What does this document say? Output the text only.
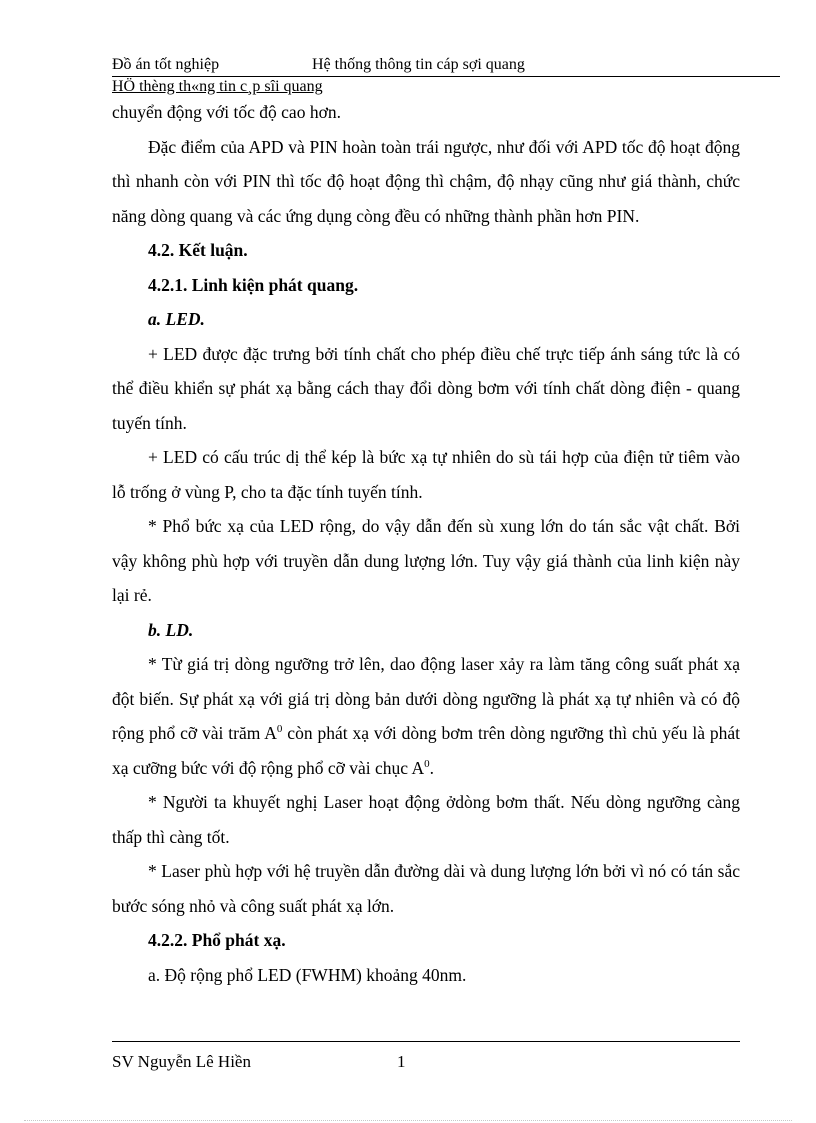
Đồ án tốt nghiệp	Hệ thống thông tin cáp sợi quang
HÖ thèng th«ng tin c¸p sîi quang

chuyển động với tốc độ cao hơn.

Đặc điểm của APD và PIN hoàn toàn trái ngược, như đối với APD tốc độ hoạt động thì nhanh còn với PIN thì tốc độ hoạt động thì chậm, độ nhạy cũng như giá thành, chức năng dòng quang và các ứng dụng còng đều có những thành phần hơn PIN.

4.2. Kết luận.

4.2.1. Linh kiện phát quang.

a. LED.

+ LED được đặc trưng bởi tính chất cho phép điều chế trực tiếp ánh sáng tức là có thể điều khiển sự phát xạ bằng cách thay đổi dòng bơm với tính chất dòng điện - quang tuyến tính.

+ LED có cấu trúc dị thể kép là bức xạ tự nhiên do sù tái hợp của điện tử tiêm vào lỗ trống ở vùng P, cho ta đặc tính tuyến tính.

* Phổ bức xạ của LED rộng, do vậy dẫn đến sù xung lớn do tán sắc vật chất. Bởi vậy không phù hợp với truyền dẫn dung lượng lớn. Tuy vậy giá thành của linh kiện này lại rẻ.

b. LD.

* Từ giá trị dòng ngưỡng trở lên, dao động laser xảy ra làm tăng công suất phát xạ đột biến. Sự phát xạ với giá trị dòng bản dưới dòng ngưỡng là phát xạ tự nhiên và có độ rộng phổ cỡ vài trăm $A^0$ còn phát xạ với dòng bơm trên dòng ngưỡng thì chủ yếu là phát xạ cưỡng bức với độ rộng phổ cỡ vài chục $A^0$.

* Người ta khuyết nghị Laser hoạt động ởdòng bơm thất. Nếu dòng ngưỡng càng thấp thì càng tốt.

* Laser phù hợp với hệ truyền dẫn đường dài và dung lượng lớn bởi vì nó có tán sắc bước sóng nhỏ và công suất phát xạ lớn.

4.2.2. Phổ phát xạ.

a. Độ rộng phổ LED (FWHM) khoảng 40nm.

SV Nguyễn Lê Hiền	1
